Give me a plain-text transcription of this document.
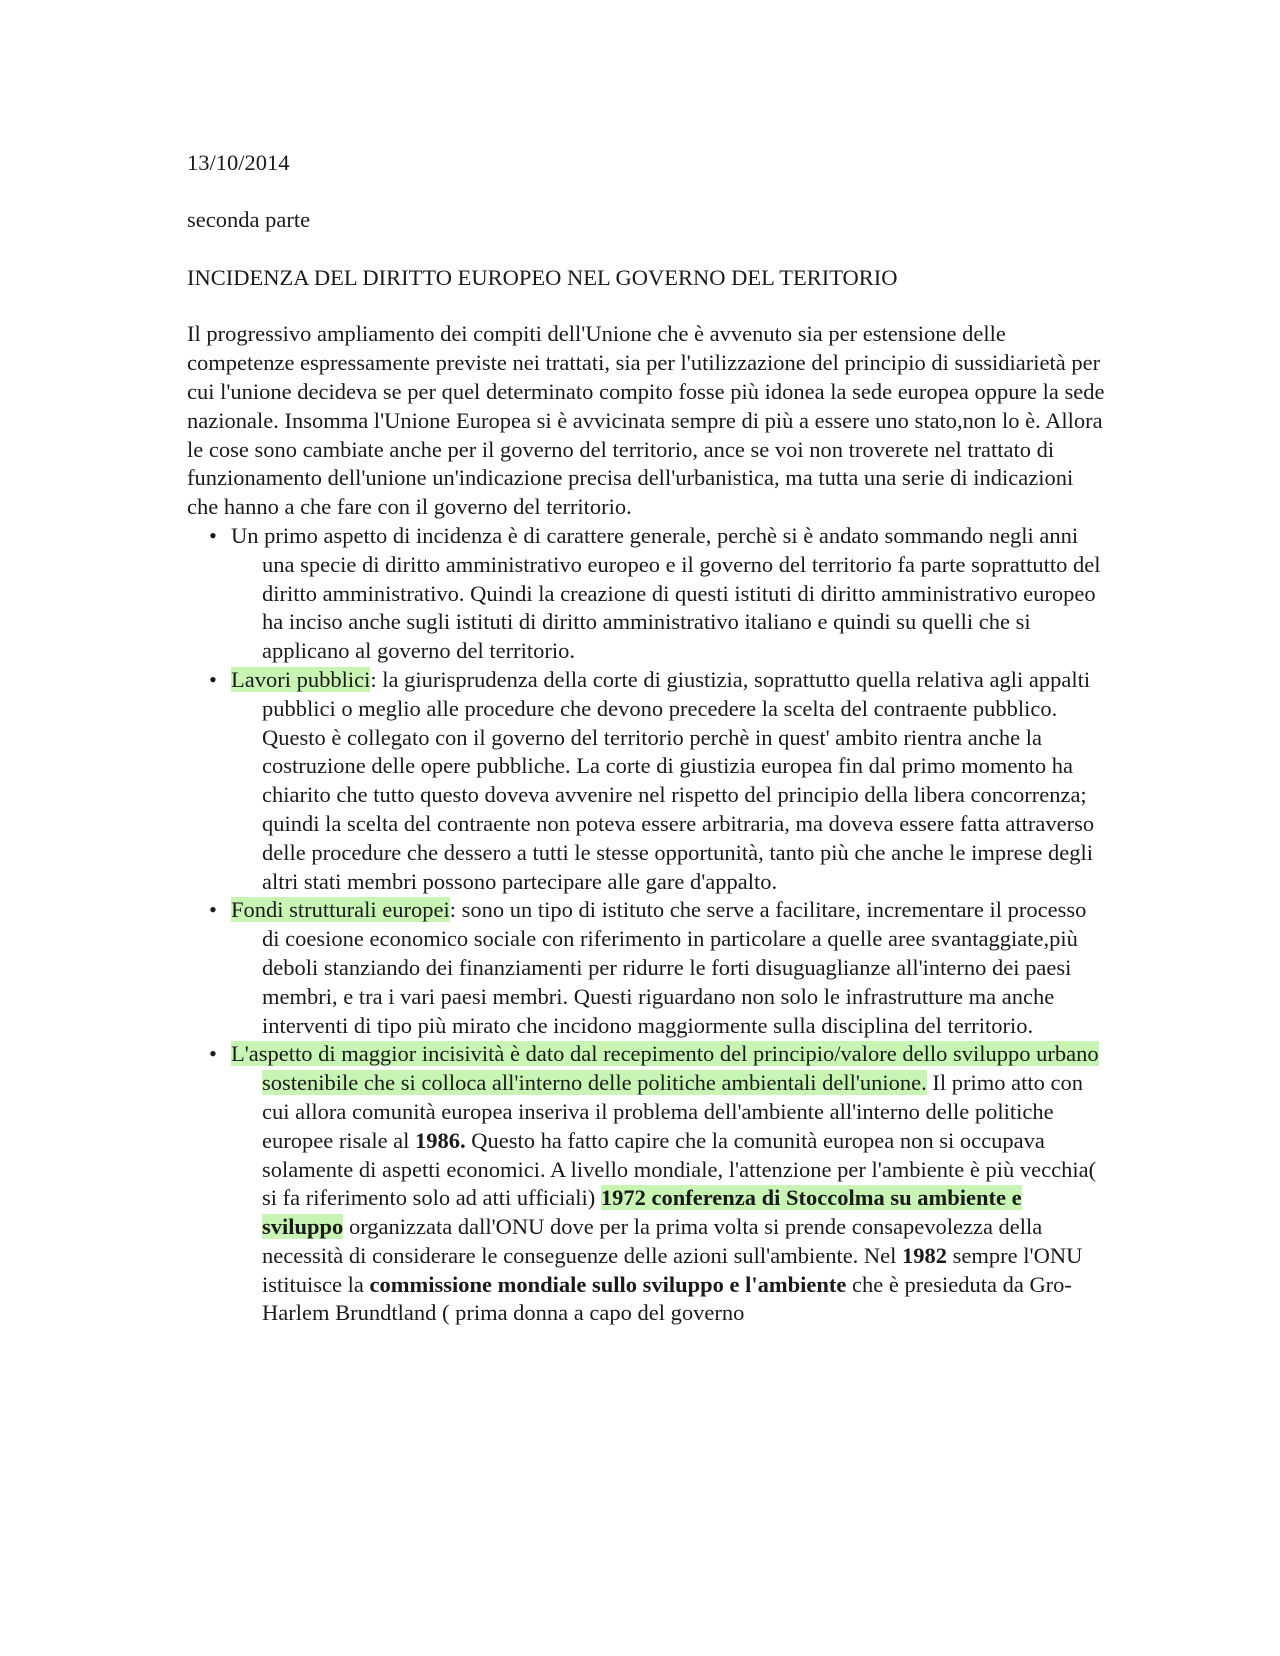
13/10/2014

seconda parte

INCIDENZA DEL DIRITTO EUROPEO NEL GOVERNO DEL TERITORIO

Il progressivo ampliamento dei compiti dell'Unione che è avvenuto sia per estensione delle competenze espressamente previste nei trattati, sia per l'utilizzazione del principio di sussidiarietà per cui l'unione decideva se per quel determinato compito fosse più idonea la sede europea oppure la sede nazionale. Insomma l'Unione Europea si è avvicinata sempre di più a essere uno stato,non lo è. Allora le cose sono cambiate anche per il governo del territorio, ance se voi non troverete nel trattato di funzionamento dell'unione un'indicazione precisa dell'urbanistica, ma tutta una serie di indicazioni che hanno a che fare con il governo del territorio.

• Un primo aspetto di incidenza è di carattere generale, perchè si è andato sommando negli anni una specie di diritto amministrativo europeo e il governo del territorio fa parte soprattutto del diritto amministrativo. Quindi la creazione di questi istituti di diritto amministrativo europeo ha inciso anche sugli istituti di diritto amministrativo italiano e quindi su quelli che si applicano al governo del territorio.
• Lavori pubblici: la giurisprudenza della corte di giustizia, soprattutto quella relativa agli appalti pubblici o meglio alle procedure che devono precedere la scelta del contraente pubblico. Questo è collegato con il governo del territorio perchè in quest' ambito rientra anche la costruzione delle opere pubbliche. La corte di giustizia europea fin dal primo momento ha chiarito che tutto questo doveva avvenire nel rispetto del principio della libera concorrenza; quindi la scelta del contraente non poteva essere arbitraria, ma doveva essere fatta attraverso delle procedure che dessero a tutti le stesse opportunità, tanto più che anche le imprese degli altri stati membri possono partecipare alle gare d'appalto.
• Fondi strutturali europei: sono un tipo di istituto che serve a facilitare, incrementare il processo di coesione economico sociale con riferimento in particolare a quelle aree svantaggiate,più deboli stanziando dei finanziamenti per ridurre le forti disuguaglianze all'interno dei paesi membri, e tra i vari paesi membri. Questi riguardano non solo le infrastrutture ma anche interventi di tipo più mirato che incidono maggiormente sulla disciplina del territorio.
• L'aspetto di maggior incisività è dato dal recepimento del principio/valore dello sviluppo urbano sostenibile che si colloca all'interno delle politiche ambientali dell'unione. Il primo atto con cui allora comunità europea inseriva il problema dell'ambiente all'interno delle politiche europee risale al 1986. Questo ha fatto capire che la comunità europea non si occupava solamente di aspetti economici. A livello mondiale, l'attenzione per l'ambiente è più vecchia( si fa riferimento solo ad atti ufficiali) 1972 conferenza di Stoccolma su ambiente e sviluppo organizzata dall'ONU dove per la prima volta si prende consapevolezza della necessità di considerare le conseguenze delle azioni sull'ambiente. Nel 1982 sempre l'ONU istituisce la commissione mondiale sullo sviluppo e l'ambiente che è presieduta da Gro-Harlem Brundtland ( prima donna a capo del governo
